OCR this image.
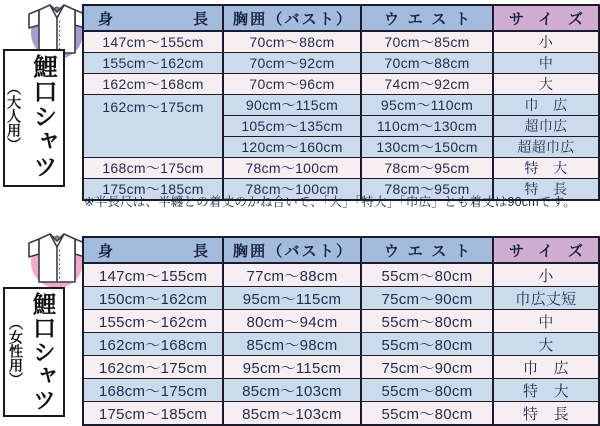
鯉口シャツ
（大人用）
身長	胸囲（バスト）	ウエスト	サイズ
147cm～155cm	70cm～88cm	70cm～85cm	小
155cm～162cm	70cm～92cm	70cm～88cm	中
162cm～168cm	70cm～96cm	74cm～92cm	大
162cm～175cm	90cm～115cm	95cm～110cm	巾　広
	105cm～135cm	110cm～130cm	超巾広
	120cm～160cm	130cm～150cm	超超巾広
168cm～175cm	78cm～100cm	78cm～95cm	特　大
175cm～185cm	78cm～100cm	78cm～95cm	特　長
※半長尺は、半纏との着丈のかね合いで、「大」「特大」「巾広」とも着丈は90cmです。
鯉口シャツ
（女性用）
身長	胸囲（バスト）	ウエスト	サイズ
147cm～155cm	77cm～88cm	55cm～80cm	小
150cm～162cm	95cm～115cm	75cm～90cm	巾広丈短
155cm～162cm	80cm～94cm	55cm～80cm	中
162cm～168cm	85cm～98cm	55cm～80cm	大
162cm～175cm	95cm～115cm	75cm～90cm	巾　広
168cm～175cm	85cm～103cm	55cm～80cm	特　大
175cm～185cm	85cm～103cm	55cm～80cm	特　長
